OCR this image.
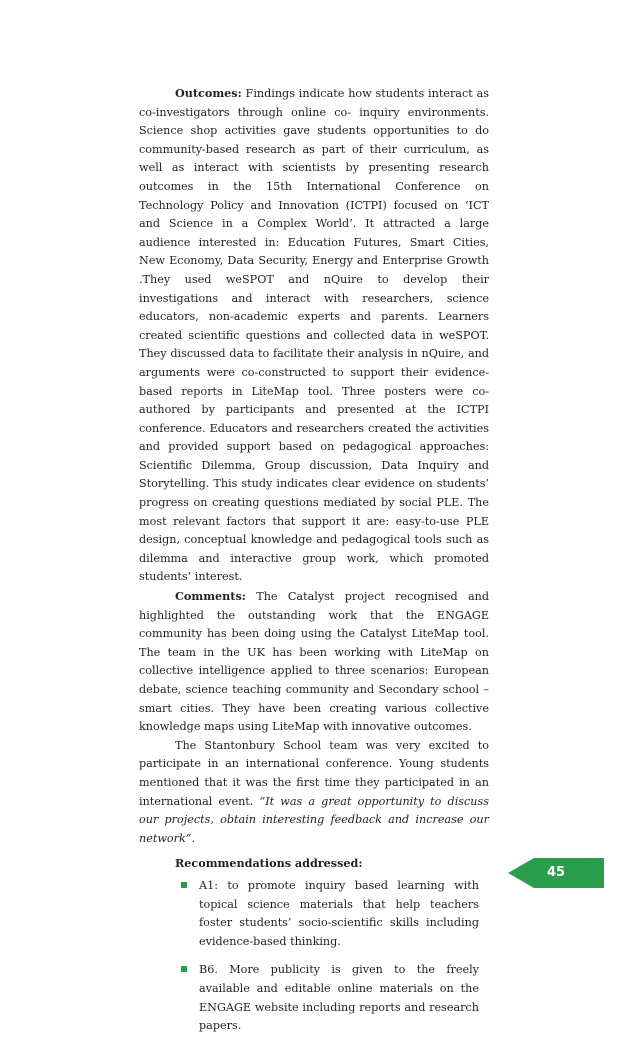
Outcomes: Findings indicate how students interact as co-investigators through online co- inquiry environments. Science shop activities gave students opportunities to do community-based research as part of their curriculum, as well as interact with scientists by presenting research outcomes in the 15th International Conference on Technology Policy and Innovation (ICTPI) focused on ‘ICT and Science in a Complex World’. It attracted a large audience interested in: Education Futures, Smart Cities, New Economy, Data Security, Energy and Enterprise Growth .They used weSPOT and nQuire to develop their investigations and interact with researchers, science educators, non-academic experts and parents. Learners created scientific questions and collected data in weSPOT. They discussed data to facilitate their analysis in nQuire, and arguments were co-constructed to support their evidence-based reports in LiteMap tool. Three posters were co-authored by participants and presented at the ICTPI conference. Educators and researchers created the activities and provided support based on pedagogical approaches: Scientific Dilemma, Group discussion, Data Inquiry and Storytelling. This study indicates clear evidence on students’ progress on creating questions mediated by social PLE. The most relevant factors that support it are: easy-to-use PLE design, conceptual knowledge and pedagogical tools such as dilemma and interactive group work, which promoted students’ interest.

Comments: The Catalyst project recognised and highlighted the outstanding work that the ENGAGE community has been doing using the Catalyst LiteMap tool. The team in the UK has been working with LiteMap on collective intelligence applied to three scenarios: European debate, science teaching community and Secondary school – smart cities. They have been creating various collective knowledge maps using LiteMap with innovative outcomes.

The Stantonbury School team was very excited to participate in an international conference. Young students mentioned that it was the first time they participated in an international event. “It was a great opportunity to discuss our projects, obtain interesting feedback and increase our network”.

Recommendations addressed:
A1: to promote inquiry based learning with topical science materials that help teachers foster students’ socio-scientific skills including evidence-based thinking.
B6. More publicity is given to the freely available and editable online materials on the ENGAGE website including reports and research papers.
45
